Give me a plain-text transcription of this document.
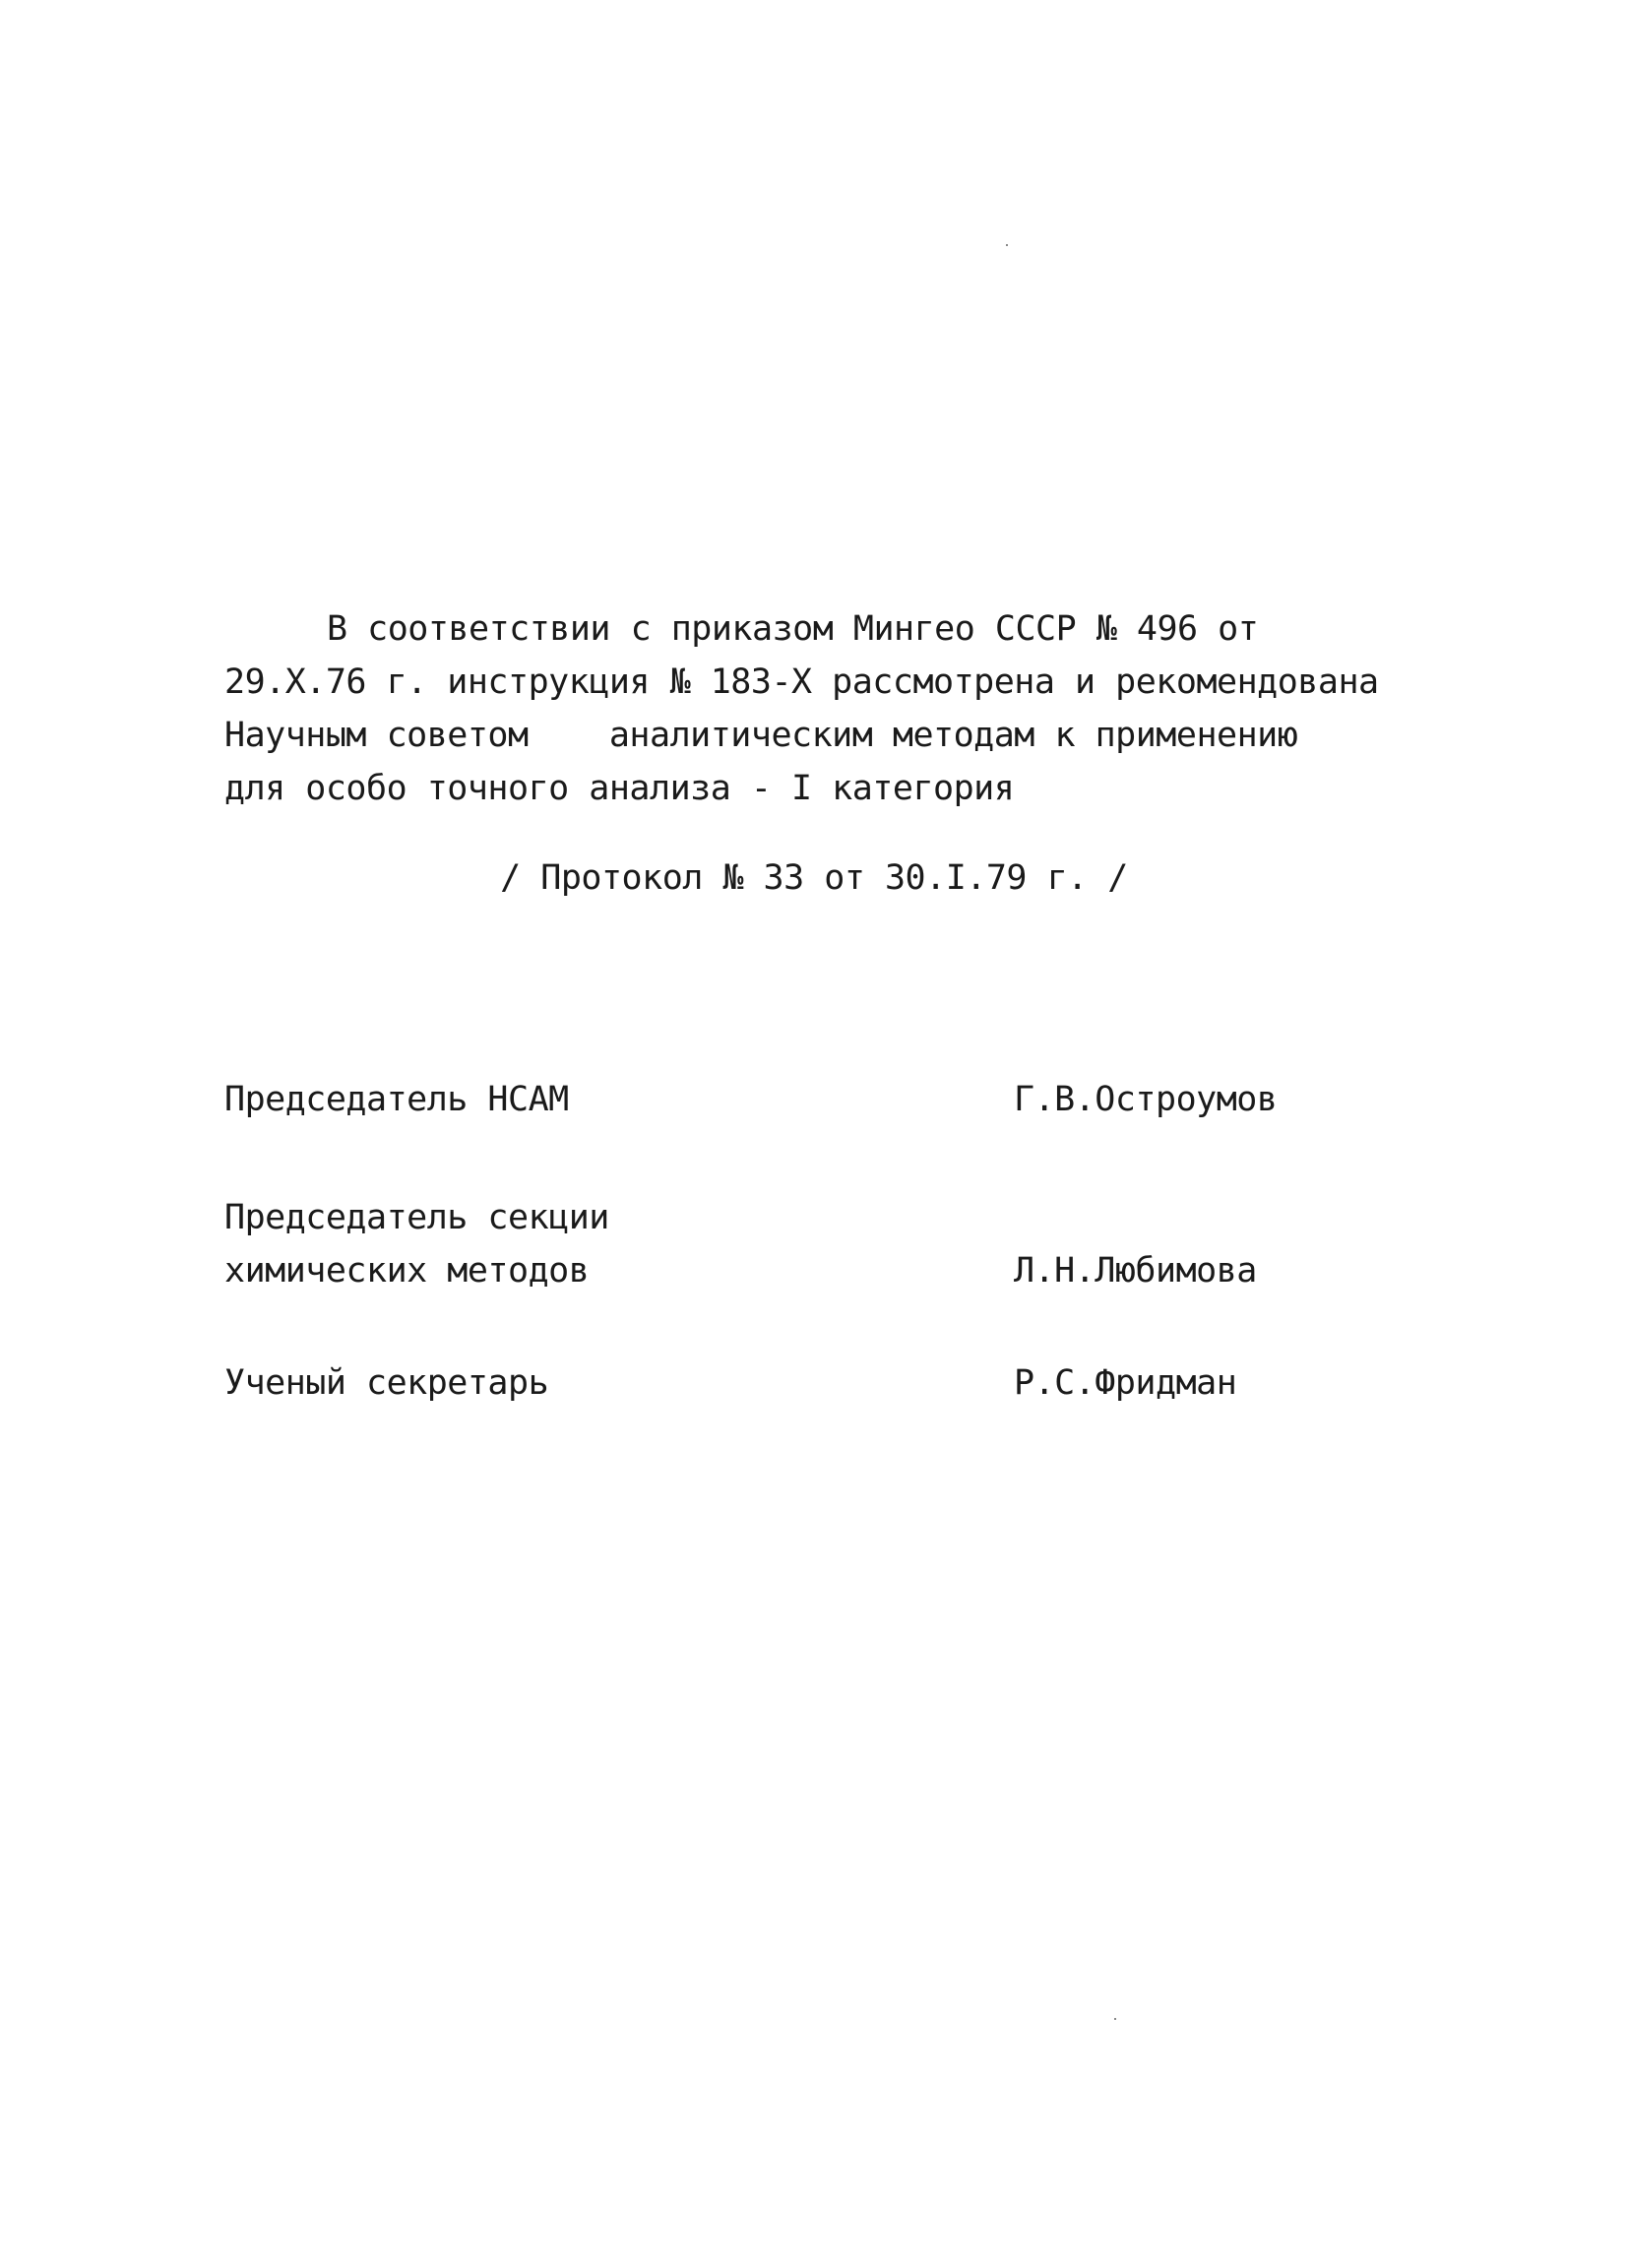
В соответствии с приказом Мингео СССР № 496 от
29.X.76 г. инструкция № 183-Х рассмотрена и рекомендована
Научным советом    аналитическим методам к применению
для особо точного анализа - I категория
/ Протокол № 33 от 30.I.79 г. /
Председатель НСАМ	Г.В.Остроумов
Председатель секции
химических методов	Л.Н.Любимова
Ученый секретарь	Р.С.Фридман
